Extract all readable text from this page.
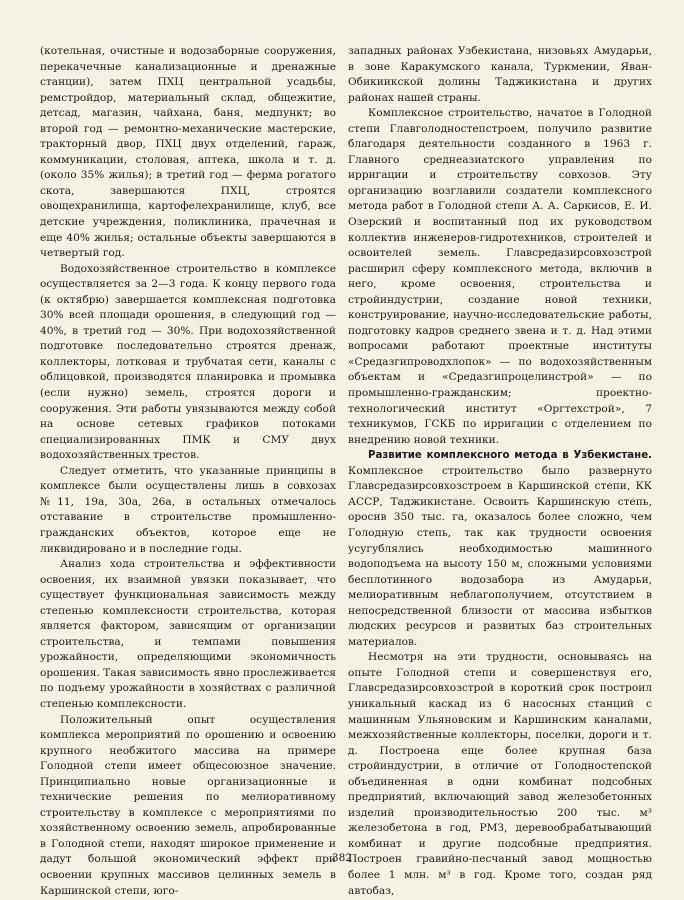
(котельная, очистные и водозаборные сооружения, перекачечные канализационные и дренажные станции), затем ПХЦ центральной усадьбы, ремстройдор, материальный склад, общежитие, детсад, магазин, чайхана, баня, медпункт; во второй год — ремонтно-механические мастерские, тракторный двор, ПХЦ двух отделений, гараж, коммуникации, столовая, аптека, школа и т. д. (около 35% жилья); в третий год — ферма рогатого скота, завершаются ПХЦ, строятся овощехранилища, картофелехранилище, клуб, все детские учреждения, поликлиника, прачечная и еще 40% жилья; остальные объекты завершаются в четвертый год.

Водохозяйственное строительство в комплексе осуществляется за 2—3 года. К концу первого года (к октябрю) завершается комплексная подготовка 30% всей площади орошения, в следующий год — 40%, в третий год — 30%. При водохозяйственной подготовке последовательно строятся дренаж, коллекторы, лотковая и трубчатая сети, каналы с облицовкой, производятся планировка и промывка (если нужно) земель, строятся дороги и сооружения. Эти работы увязываются между собой на основе сетевых графиков потоками специализированных ПМК и СМУ двух водохозяйственных трестов.

Следует отметить, что указанные принципы в комплексе были осуществлены лишь в совхозах №11, 19а, 30а, 26а, в остальных отмечалось отставание в строительстве промышленно-гражданских объектов, которое еще не ликвидировано и в последние годы.

Анализ хода строительства и эффективности освоения, их взаимной увязки показывает, что существует функциональная зависимость между степенью комплексности строительства, которая является фактором, зависящим от организации строительства, и темпами повышения урожайности, определяющими экономичность орошения. Такая зависимость явно прослеживается по подъему урожайности в хозяйствах с различной степенью комплексности.

Положительный опыт осуществления комплекса мероприятий по орошению и освоению крупного необжитого массива на примере Голодной степи имеет общесоюзное значение. Принципиально новые организационные и технические решения по мелиоративному строительству в комплексе с мероприятиями по хозяйственному освоению земель, апробированные в Голодной степи, находят широкое применение и дадут большой экономический эффект при освоении крупных массивов целинных земель в Каршинской степи, юго-

западных районах Узбекистана, низовьях Амударьи, в зоне Каракумского канала, Туркмении, Яван-Обикиикской долины Таджикистана и других районах нашей страны.

Комплексное строительство, начатое в Голодной степи Главголодностепстроем, получило развитие благодаря деятельности созданного в 1963 г. Главного среднеазиатского управления по ирригации и строительству совхозов. Эту организацию возглавили создатели комплексного метода работ в Голодной степи А. А. Саркисов, Е. И. Озерский и воспитанный под их руководством коллектив инженеров-гидротехников, строителей и освоителей земель. Главсредазирсовхозстрой расширил сферу комплексного метода, включив в него, кроме освоения, строительства и стройиндустрии, создание новой техники, конструирование, научно-исследовательские работы, подготовку кадров среднего звена и т. д. Над этими вопросами работают проектные институты «Средазгипроводхлопок» — по водохозяйственным объектам и «Средазгипроцелинстрой» — по промышленно-гражданским; проектно-технологический институт «Оргтехстрой», 7 техникумов, ГСКБ по ирригации с отделением по внедрению новой техники.

Развитие комплексного метода в Узбекистане. Комплексное строительство было развернуто Главсредазирсовхозстроем в Каршинской степи, КК АССР, Таджикистане. Освоить Каршинскую степь, оросив 350 тыс. га, оказалось более сложно, чем Голодную степь, так как трудности освоения усугублялись необходимостью машинного водоподъема на высоту 150 м, сложными условиями бесплотинного водозабора из Амударьи, мелиоративным неблагополучием, отсутствием в непосредственной близости от массива избытков людских ресурсов и развитых баз строительных материалов.

Несмотря на эти трудности, основываясь на опыте Голодной степи и совершенствуя его, Главсредазирсовхозстрой в короткий срок построил уникальный каскад из 6 насосных станций с машинным Ульяновским и Каршинским каналами, межхозяйственные коллекторы, поселки, дороги и т. д. Построена еще более крупная база стройиндустрии, в отличие от Голодностепской объединенная в одни комбинат подсобных предприятий, включающий завод железобетонных изделий производительностью 200 тыс. м³ железобетона в год, РМЗ, деревообрабатывающий комбинат и другие подсобные предприятия. Построен гравийно-песчаный завод мощностью более 1 млн. м³ в год. Кроме того, создан ряд автобаз,

382
